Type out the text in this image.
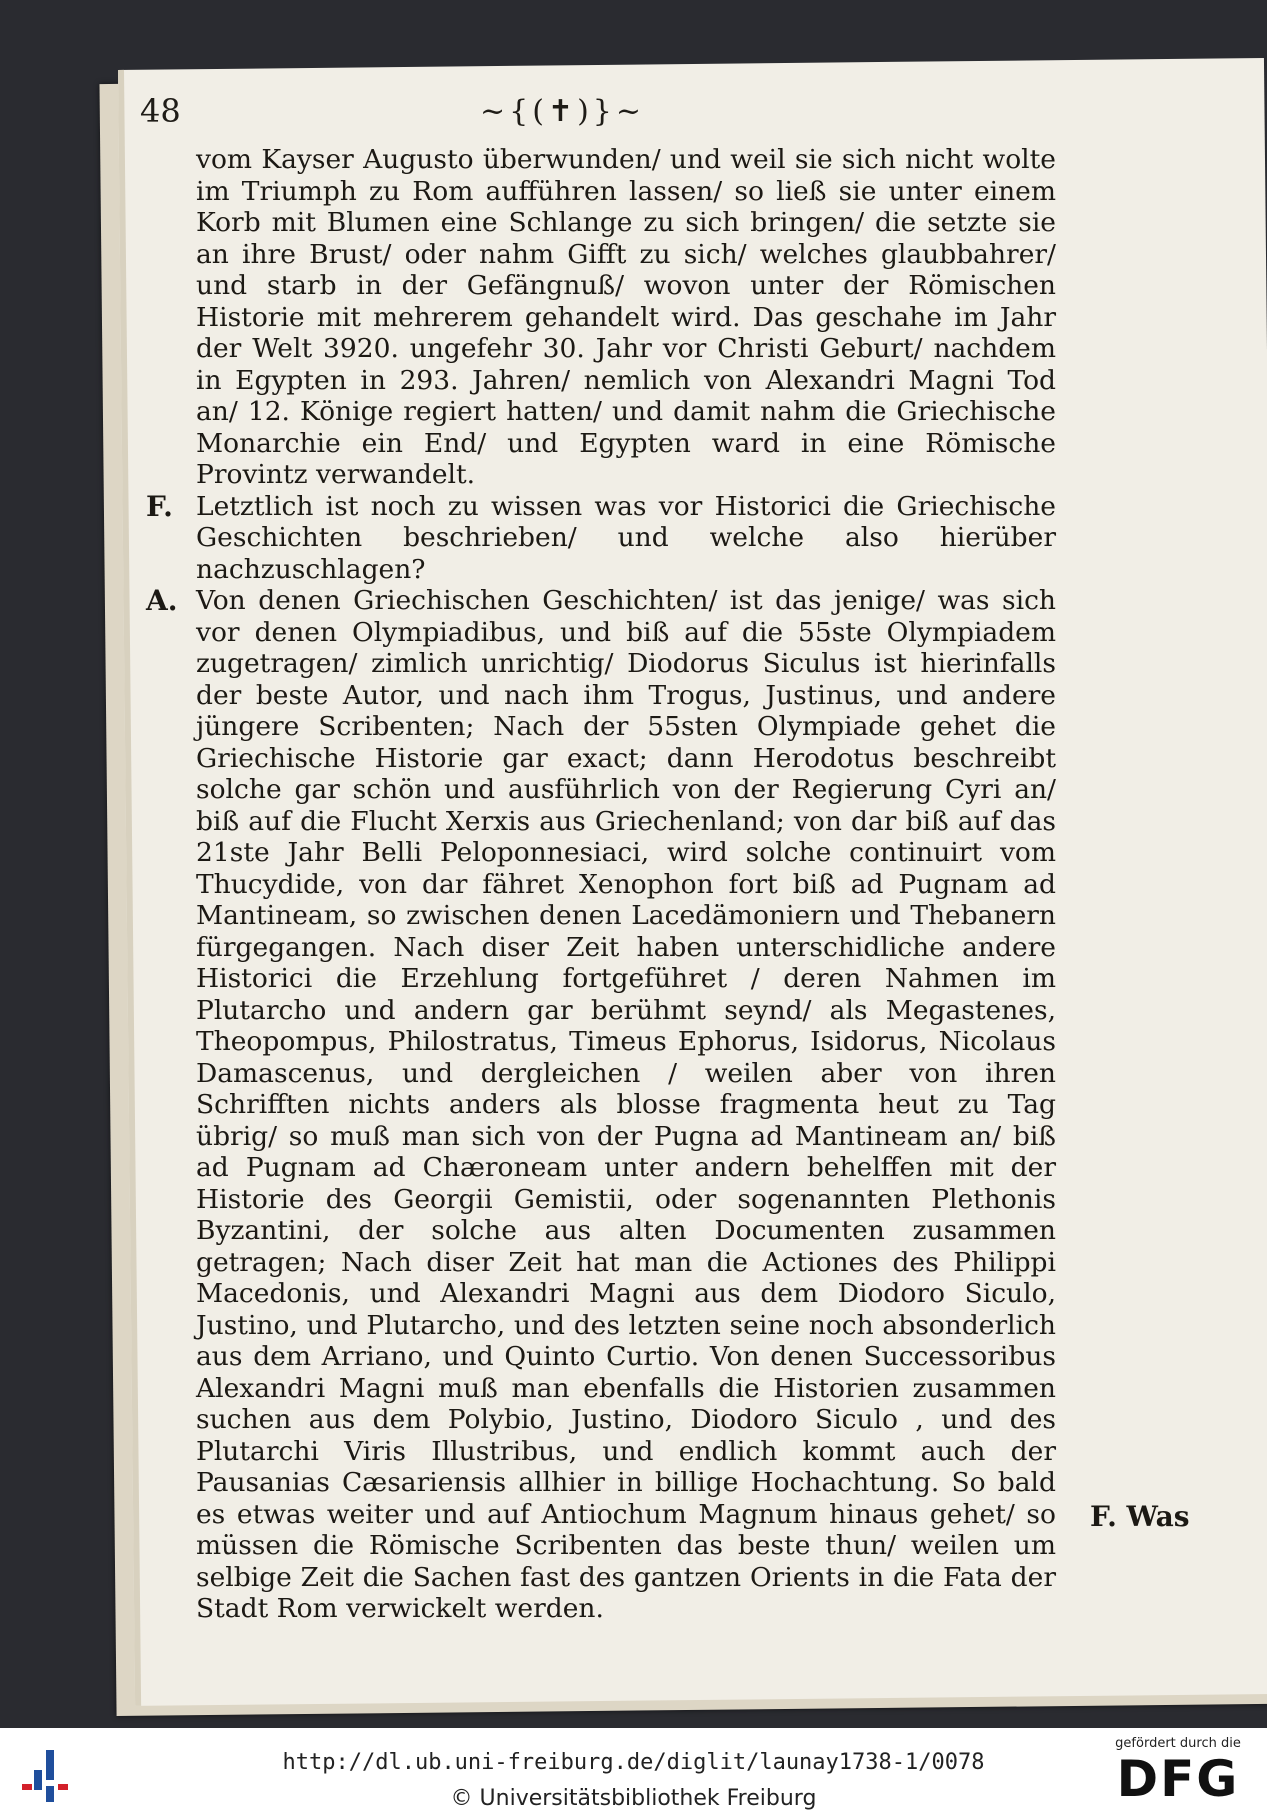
48	~{(✝)}~

vom Kayser Augusto überwunden/ und weil sie sich nicht wolte im Triumph zu Rom aufführen lassen/ so ließ sie unter einem Korb mit Blumen eine Schlange zu sich bringen/ die setzte sie an ihre Brust/ oder nahm Gifft zu sich/ welches glaubbahrer/ und starb in der Gefängnuß/ wovon unter der Römischen Historie mit mehrerem gehandelt wird. Das geschahe im Jahr der Welt 3920. ungefehr 30. Jahr vor Christi Geburt/ nachdem in Egypten in 293. Jahren/ nemlich von Alexandri Magni Tod an/ 12. Könige regiert hatten/ und damit nahm die Griechische Monarchie ein End/ und Egypten ward in eine Römische Provintz verwandelt.

F. Letztlich ist noch zu wissen was vor Historici die Griechische Geschichten beschrieben/ und welche also hierüber nachzuschlagen?

A. Von denen Griechischen Geschichten/ ist das jenige/ was sich vor denen Olympiadibus, und biß auf die 55ste Olympiadem zugetragen/ zimlich unrichtig/ Diodorus Siculus ist hierinfalls der beste Autor, und nach ihm Trogus, Justinus, und andere jüngere Scribenten; Nach der 55sten Olympiade gehet die Griechische Historie gar exact; dann Herodotus beschreibt solche gar schön und ausführlich von der Regierung Cyri an/ biß auf die Flucht Xerxis aus Griechenland; von dar biß auf das 21ste Jahr Belli Peloponnesiaci, wird solche continuirt vom Thucydide, von dar fähret Xenophon fort biß ad Pugnam ad Mantineam, so zwischen denen Lacedämoniern und Thebanern fürgegangen. Nach diser Zeit haben unterschidliche andere Historici die Erzehlung fortgeführet / deren Nahmen im Plutarcho und andern gar berühmt seynd/ als Megastenes, Theopompus, Philostratus, Timeus Ephorus, Isidorus, Nicolaus Damascenus, und dergleichen / weilen aber von ihren Schrifften nichts anders als blosse fragmenta heut zu Tag übrig/ so muß man sich von der Pugna ad Mantineam an/ biß ad Pugnam ad Chæroneam unter andern behelffen mit der Historie des Georgii Gemistii, oder sogenannten Plethonis Byzantini, der solche aus alten Documenten zusammen getragen; Nach diser Zeit hat man die Actiones des Philippi Macedonis, und Alexandri Magni aus dem Diodoro Siculo, Justino, und Plutarcho, und des letzten seine noch absonderlich aus dem Arriano, und Quinto Curtio. Von denen Successoribus Alexandri Magni muß man ebenfalls die Historien zusammen suchen aus dem Polybio, Justino, Diodoro Siculo , und des Plutarchi Viris Illustribus, und endlich kommt auch der Pausanias Cæsariensis allhier in billige Hochachtung. So bald es etwas weiter und auf Antiochum Magnum hinaus gehet/ so müssen die Römische Scribenten das beste thun/ weilen um selbige Zeit die Sachen fast des gantzen Orients in die Fata der Stadt Rom verwickelt werden.

F. Was
http://dl.ub.uni-freiburg.de/diglit/launay1738-1/0078
© Universitätsbibliothek Freiburg
gefördert durch die
DFG
